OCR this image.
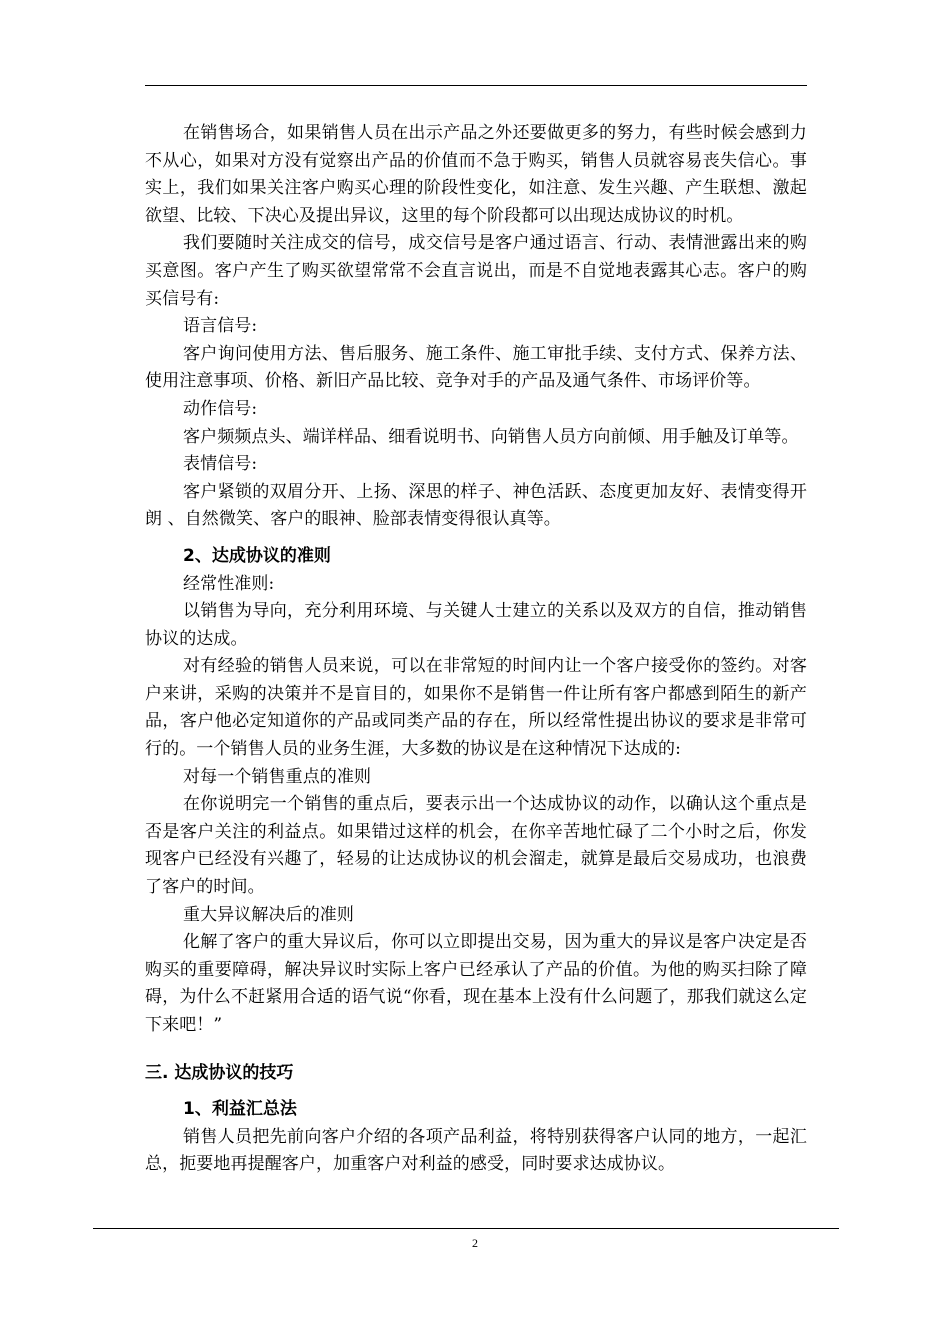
在销售场合，如果销售人员在出示产品之外还要做更多的努力，有些时候会感到力不从心，如果对方没有觉察出产品的价值而不急于购买，销售人员就容易丧失信心。事实上，我们如果关注客户购买心理的阶段性变化，如注意、发生兴趣、产生联想、激起欲望、比较、下决心及提出异议，这里的每个阶段都可以出现达成协议的时机。

我们要随时关注成交的信号，成交信号是客户通过语言、行动、表情泄露出来的购买意图。客户产生了购买欲望常常不会直言说出，而是不自觉地表露其心志。客户的购买信号有:

语言信号:

客户询问使用方法、售后服务、施工条件、施工审批手续、支付方式、保养方法、使用注意事项、价格、新旧产品比较、竞争对手的产品及通气条件、市场评价等。

动作信号:

客户频频点头、端详样品、细看说明书、向销售人员方向前倾、用手触及订单等。

表情信号:

客户紧锁的双眉分开、上扬、深思的样子、神色活跃、态度更加友好、表情变得开朗 、自然微笑、客户的眼神、脸部表情变得很认真等。

2、达成协议的准则

经常性准则:

以销售为导向，充分利用环境、与关键人士建立的关系以及双方的自信，推动销售协议的达成。

对有经验的销售人员来说，可以在非常短的时间内让一个客户接受你的签约。对客户来讲，采购的决策并不是盲目的，如果你不是销售一件让所有客户都感到陌生的新产品，客户他必定知道你的产品或同类产品的存在，所以经常性提出协议的要求是非常可行的。一个销售人员的业务生涯，大多数的协议是在这种情况下达成的:

对每一个销售重点的准则

在你说明完一个销售的重点后，要表示出一个达成协议的动作，以确认这个重点是否是客户关注的利益点。如果错过这样的机会，在你辛苦地忙碌了二个小时之后，你发现客户已经没有兴趣了，轻易的让达成协议的机会溜走，就算是最后交易成功，也浪费了客户的时间。

重大异议解决后的准则

化解了客户的重大异议后，你可以立即提出交易，因为重大的异议是客户决定是否购买的重要障碍，解决异议时实际上客户已经承认了产品的价值。为他的购买扫除了障碍，为什么不赶紧用合适的语气说“你看，现在基本上没有什么问题了，那我们就这么定下来吧！”

三. 达成协议的技巧

1、利益汇总法

销售人员把先前向客户介绍的各项产品利益，将特别获得客户认同的地方，一起汇总，扼要地再提醒客户，加重客户对利益的感受，同时要求达成协议。

2
